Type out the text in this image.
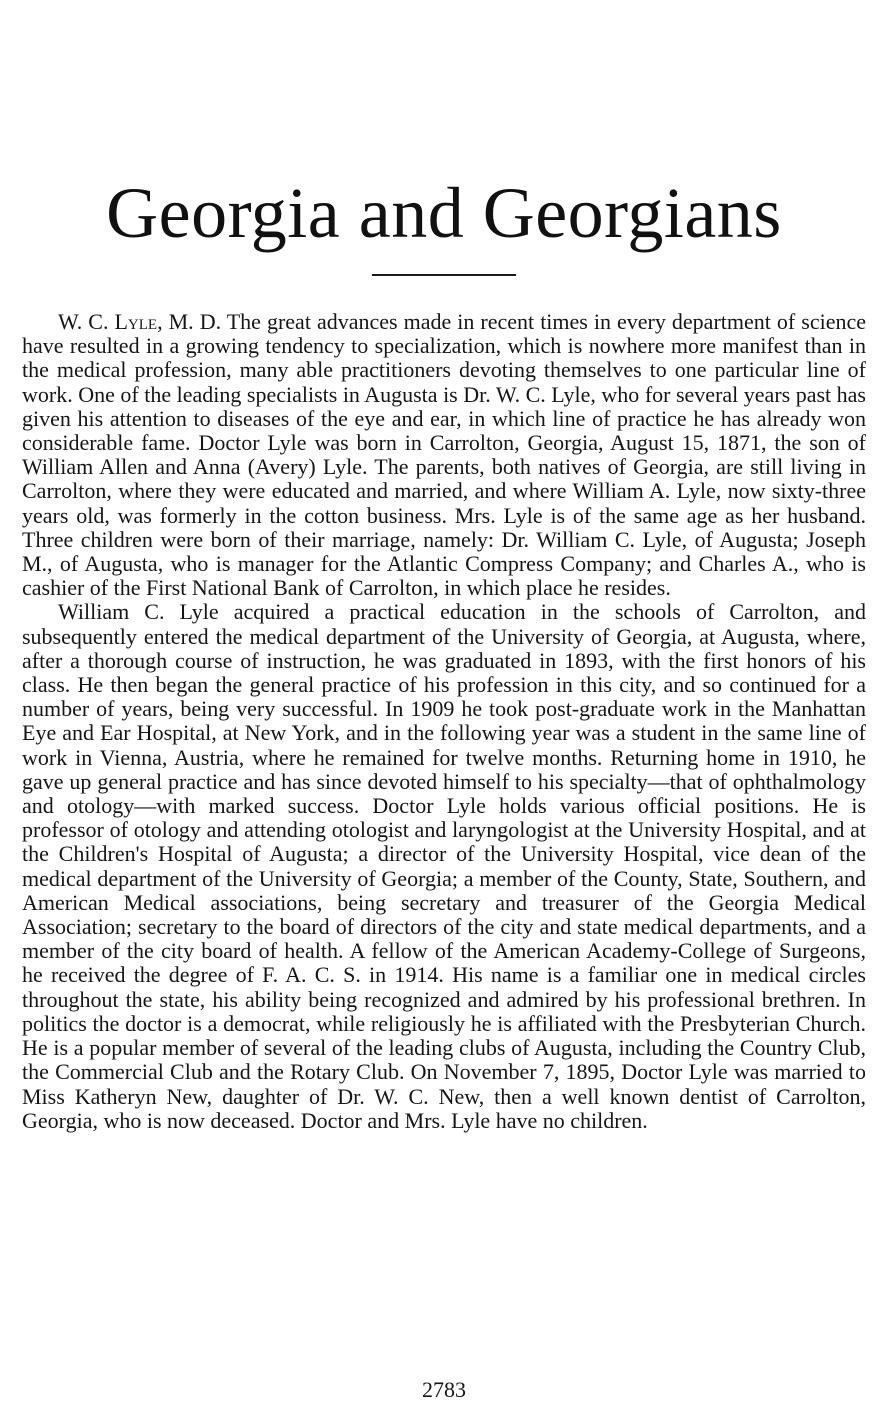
Georgia and Georgians

W. C. Lyle, M. D. The great advances made in recent times in every department of science have resulted in a growing tendency to specialization, which is nowhere more manifest than in the medical profession, many able practitioners devoting themselves to one particular line of work. One of the leading specialists in Augusta is Dr. W. C. Lyle, who for several years past has given his attention to diseases of the eye and ear, in which line of practice he has already won considerable fame. Doctor Lyle was born in Carrolton, Georgia, August 15, 1871, the son of William Allen and Anna (Avery) Lyle. The parents, both natives of Georgia, are still living in Carrolton, where they were educated and married, and where William A. Lyle, now sixty-three years old, was formerly in the cotton business. Mrs. Lyle is of the same age as her husband. Three children were born of their marriage, namely: Dr. William C. Lyle, of Augusta; Joseph M., of Augusta, who is manager for the Atlantic Compress Company; and Charles A., who is cashier of the First National Bank of Carrolton, in which place he resides.

William C. Lyle acquired a practical education in the schools of Carrolton, and subsequently entered the medical department of the University of Georgia, at Augusta, where, after a thorough course of instruction, he was graduated in 1893, with the first honors of his class. He then began the general practice of his profession in this city, and so continued for a number of years, being very successful. In 1909 he took post-graduate work in the Manhattan Eye and Ear Hospital, at New York, and in the following year was a student in the same line of work in Vienna, Austria, where he remained for twelve months. Returning home in 1910, he gave up general practice and has since devoted himself to his specialty—that of ophthalmology and otology—with marked success. Doctor Lyle holds various official positions. He is professor of otology and attending otologist and laryngologist at the University Hospital, and at the Children's Hospital of Augusta; a director of the University Hospital, vice dean of the medical department of the University of Georgia; a member of the County, State, Southern, and American Medical associations, being secretary and treasurer of the Georgia Medical Association; secretary to the board of directors of the city and state medical departments, and a member of the city board of health. A fellow of the American Academy-College of Surgeons, he received the degree of F. A. C. S. in 1914. His name is a familiar one in medical circles throughout the state, his ability being recognized and admired by his professional brethren. In politics the doctor is a democrat, while religiously he is affiliated with the Presbyterian Church. He is a popular member of several of the leading clubs of Augusta, including the Country Club, the Commercial Club and the Rotary Club. On November 7, 1895, Doctor Lyle was married to Miss Katheryn New, daughter of Dr. W. C. New, then a well known dentist of Carrolton, Georgia, who is now deceased. Doctor and Mrs. Lyle have no children.

2783
